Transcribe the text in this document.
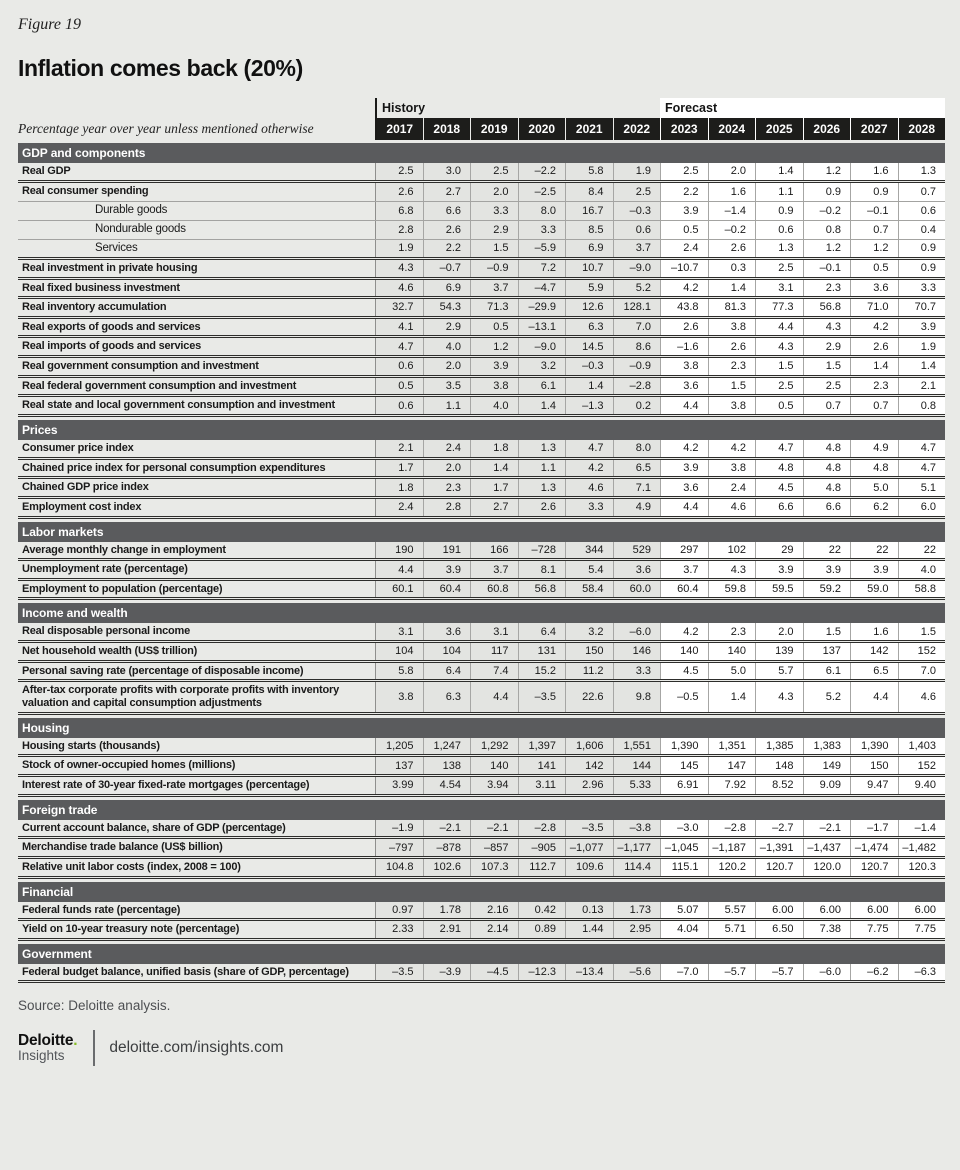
Figure 19
Inflation comes back (20%)
Percentage year over year unless mentioned otherwise
History	Forecast
2017	2018	2019	2020	2021	2022	2023	2024	2025	2026	2027	2028
GDP and components
Real GDP	2.5	3.0	2.5	–2.2	5.8	1.9	2.5	2.0	1.4	1.2	1.6	1.3
Real consumer spending	2.6	2.7	2.0	–2.5	8.4	2.5	2.2	1.6	1.1	0.9	0.9	0.7
Durable goods	6.8	6.6	3.3	8.0	16.7	–0.3	3.9	–1.4	0.9	–0.2	–0.1	0.6
Nondurable goods	2.8	2.6	2.9	3.3	8.5	0.6	0.5	–0.2	0.6	0.8	0.7	0.4
Services	1.9	2.2	1.5	–5.9	6.9	3.7	2.4	2.6	1.3	1.2	1.2	0.9
Real investment in private housing	4.3	–0.7	–0.9	7.2	10.7	–9.0	–10.7	0.3	2.5	–0.1	0.5	0.9
Real fixed business investment	4.6	6.9	3.7	–4.7	5.9	5.2	4.2	1.4	3.1	2.3	3.6	3.3
Real inventory accumulation	32.7	54.3	71.3	–29.9	12.6	128.1	43.8	81.3	77.3	56.8	71.0	70.7
Real exports of goods and services	4.1	2.9	0.5	–13.1	6.3	7.0	2.6	3.8	4.4	4.3	4.2	3.9
Real imports of goods and services	4.7	4.0	1.2	–9.0	14.5	8.6	–1.6	2.6	4.3	2.9	2.6	1.9
Real government consumption and investment	0.6	2.0	3.9	3.2	–0.3	–0.9	3.8	2.3	1.5	1.5	1.4	1.4
Real federal government consumption and investment	0.5	3.5	3.8	6.1	1.4	–2.8	3.6	1.5	2.5	2.5	2.3	2.1
Real state and local government consumption and investment	0.6	1.1	4.0	1.4	–1.3	0.2	4.4	3.8	0.5	0.7	0.7	0.8
Prices
Consumer price index	2.1	2.4	1.8	1.3	4.7	8.0	4.2	4.2	4.7	4.8	4.9	4.7
Chained price index for personal consumption expenditures	1.7	2.0	1.4	1.1	4.2	6.5	3.9	3.8	4.8	4.8	4.8	4.7
Chained GDP price index	1.8	2.3	1.7	1.3	4.6	7.1	3.6	2.4	4.5	4.8	5.0	5.1
Employment cost index	2.4	2.8	2.7	2.6	3.3	4.9	4.4	4.6	6.6	6.6	6.2	6.0
Labor markets
Average monthly change in employment	190	191	166	–728	344	529	297	102	29	22	22	22
Unemployment rate (percentage)	4.4	3.9	3.7	8.1	5.4	3.6	3.7	4.3	3.9	3.9	3.9	4.0
Employment to population (percentage)	60.1	60.4	60.8	56.8	58.4	60.0	60.4	59.8	59.5	59.2	59.0	58.8
Income and wealth
Real disposable personal income	3.1	3.6	3.1	6.4	3.2	–6.0	4.2	2.3	2.0	1.5	1.6	1.5
Net household wealth (US$ trillion)	104	104	117	131	150	146	140	140	139	137	142	152
Personal saving rate (percentage of disposable income)	5.8	6.4	7.4	15.2	11.2	3.3	4.5	5.0	5.7	6.1	6.5	7.0
After-tax corporate profits with corporate profits with inventory valuation and capital consumption adjustments	3.8	6.3	4.4	–3.5	22.6	9.8	–0.5	1.4	4.3	5.2	4.4	4.6
Housing
Housing starts (thousands)	1,205	1,247	1,292	1,397	1,606	1,551	1,390	1,351	1,385	1,383	1,390	1,403
Stock of owner-occupied homes (millions)	137	138	140	141	142	144	145	147	148	149	150	152
Interest rate of 30-year fixed-rate mortgages (percentage)	3.99	4.54	3.94	3.11	2.96	5.33	6.91	7.92	8.52	9.09	9.47	9.40
Foreign trade
Current account balance, share of GDP (percentage)	–1.9	–2.1	–2.1	–2.8	–3.5	–3.8	–3.0	–2.8	–2.7	–2.1	–1.7	–1.4
Merchandise trade balance (US$ billion)	–797	–878	–857	–905	–1,077	–1,177	–1,045	–1,187	–1,391	–1,437	–1,474	–1,482
Relative unit labor costs (index, 2008 = 100)	104.8	102.6	107.3	112.7	109.6	114.4	115.1	120.2	120.7	120.0	120.7	120.3
Financial
Federal funds rate (percentage)	0.97	1.78	2.16	0.42	0.13	1.73	5.07	5.57	6.00	6.00	6.00	6.00
Yield on 10-year treasury note (percentage)	2.33	2.91	2.14	0.89	1.44	2.95	4.04	5.71	6.50	7.38	7.75	7.75
Government
Federal budget balance, unified basis (share of GDP, percentage)	–3.5	–3.9	–4.5	–12.3	–13.4	–5.6	–7.0	–5.7	–5.7	–6.0	–6.2	–6.3
Source: Deloitte analysis.
Deloitte.
Insights	deloitte.com/insights.com
